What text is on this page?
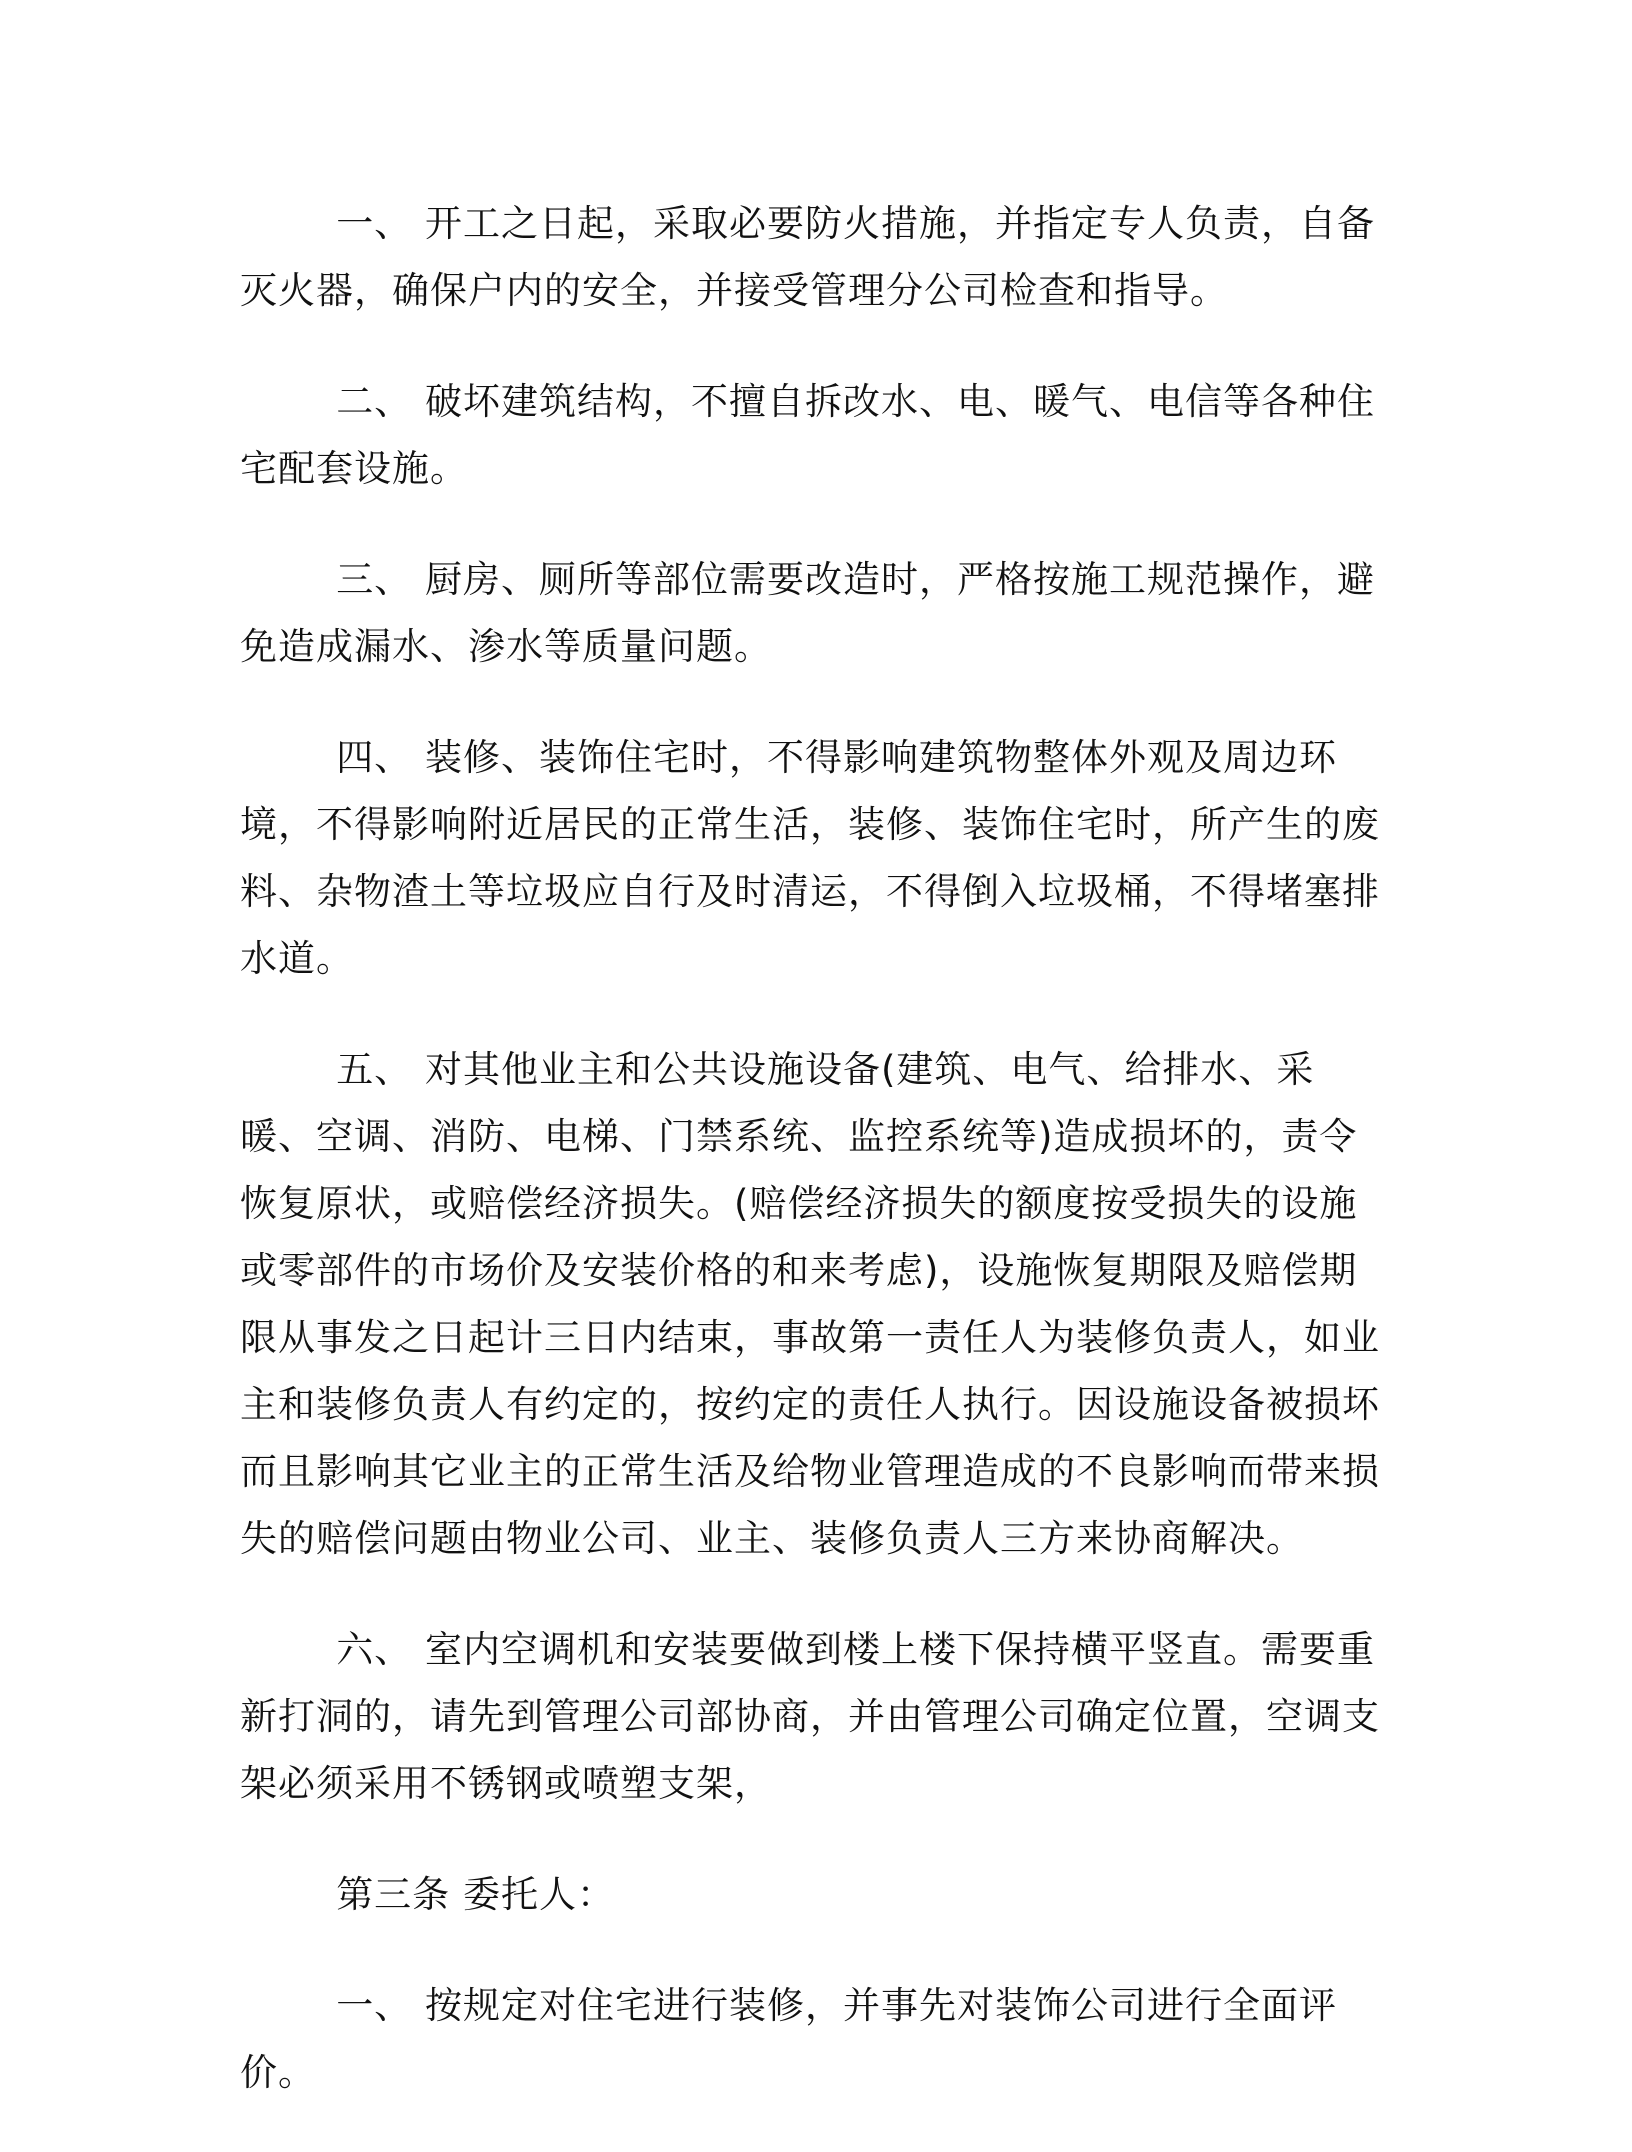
一、 开工之日起，采取必要防火措施，并指定专人负责，自备灭火器，确保户内的安全，并接受管理分公司检查和指导。

二、 破坏建筑结构，不擅自拆改水、电、暖气、电信等各种住宅配套设施。

三、 厨房、厕所等部位需要改造时，严格按施工规范操作，避免造成漏水、渗水等质量问题。

四、 装修、装饰住宅时，不得影响建筑物整体外观及周边环境，不得影响附近居民的正常生活，装修、装饰住宅时，所产生的废料、杂物渣土等垃圾应自行及时清运，不得倒入垃圾桶，不得堵塞排水道。

五、 对其他业主和公共设施设备(建筑、电气、给排水、采暖、空调、消防、电梯、门禁系统、监控系统等)造成损坏的，责令恢复原状，或赔偿经济损失。(赔偿经济损失的额度按受损失的设施或零部件的市场价及安装价格的和来考虑)，设施恢复期限及赔偿期限从事发之日起计三日内结束，事故第一责任人为装修负责人，如业主和装修负责人有约定的，按约定的责任人执行。因设施设备被损坏而且影响其它业主的正常生活及给物业管理造成的不良影响而带来损失的赔偿问题由物业公司、业主、装修负责人三方来协商解决。

六、 室内空调机和安装要做到楼上楼下保持横平竖直。需要重新打洞的，请先到管理公司部协商，并由管理公司确定位置，空调支架必须采用不锈钢或喷塑支架，

第三条 委托人：

一、 按规定对住宅进行装修，并事先对装饰公司进行全面评价。
